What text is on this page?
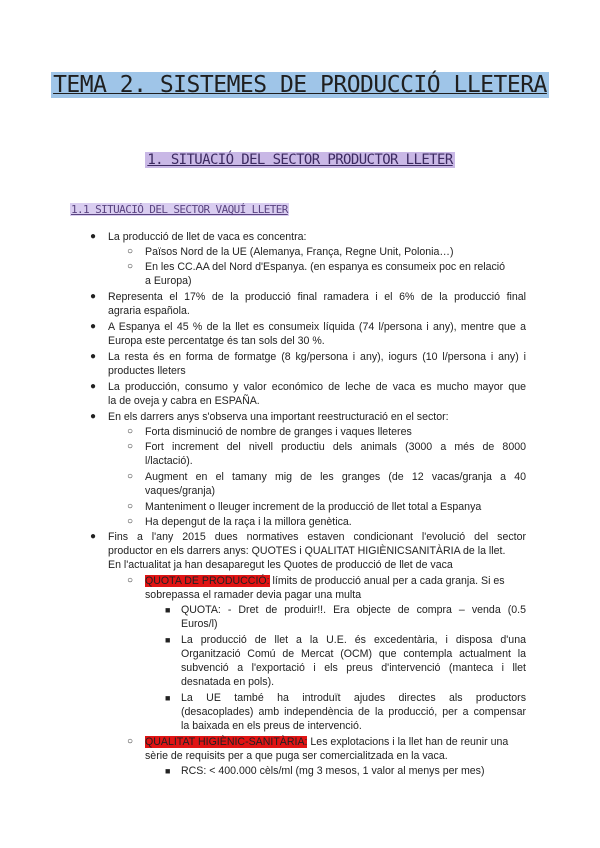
TEMA 2. SISTEMES DE PRODUCCIÓ LLETERA
1. SITUACIÓ DEL SECTOR PRODUCTOR LLETER
1.1 SITUACIÓ DEL SECTOR VAQUÍ LLETER
● La producció de llet de vaca es concentra:
○ Països Nord de la UE (Alemanya, França, Regne Unit, Polonia…)
○ En les CC.AA del Nord d'Espanya. (en espanya es consumeix poc en relació
a Europa)
● Representa el 17% de la producció final ramadera i el 6% de la producció final
agraria española.
● A Espanya el 45 % de la llet es consumeix líquida (74 l/persona i any), mentre que a
Europa este percentatge és tan sols del 30 %.
● La resta és en forma de formatge (8 kg/persona i any), iogurs (10 l/persona i any) i
productes lleters
● La producción, consumo y valor económico de leche de vaca es mucho mayor que
la de oveja y cabra en ESPAÑA.
● En els darrers anys s'observa una important reestructuració en el sector:
○ Forta disminució de nombre de granges i vaques lleteres
○ Fort increment del nivell productiu dels animals (3000 a més de 8000
l/lactació).
○ Augment en el tamany mig de les granges (de 12 vacas/granja a 40
vaques/granja)
○ Manteniment o lleuger increment de la producció de llet total a Espanya
○ Ha depengut de la raça i la millora genètica.
● Fins a l'any 2015 dues normatives estaven condicionant l'evolució del sector
productor en els darrers anys: QUOTES i QUALITAT HIGIÈNICSANITÀRIA de la llet.
En l'actualitat ja han desaparegut les Quotes de producció de llet de vaca
○ QUOTA DE PRODUCCIÓ: límits de producció anual per a cada granja. Si es
sobrepassa el ramader devia pagar una multa
■ QUOTA: - Dret de produir!!. Era objecte de compra – venda (0.5
Euros/l)
■ La producció de llet a la U.E. és excedentària, i disposa d'una
Organització Comú de Mercat (OCM) que contempla actualment la
subvenció a l'exportació i els preus d'intervenció (manteca i llet
desnatada en pols).
■ La UE també ha introduït ajudes directes als productors
(desacoplades) amb independència de la producció, per a compensar
la baixada en els preus de intervenció.
○ QUALITAT HIGIÈNIC-SANITÀRIA: Les explotacions i la llet han de reunir una
sèrie de requisits per a que puga ser comercialitzada en la vaca.
■ RCS: < 400.000 cèls/ml (mg 3 mesos, 1 valor al menys per mes)
